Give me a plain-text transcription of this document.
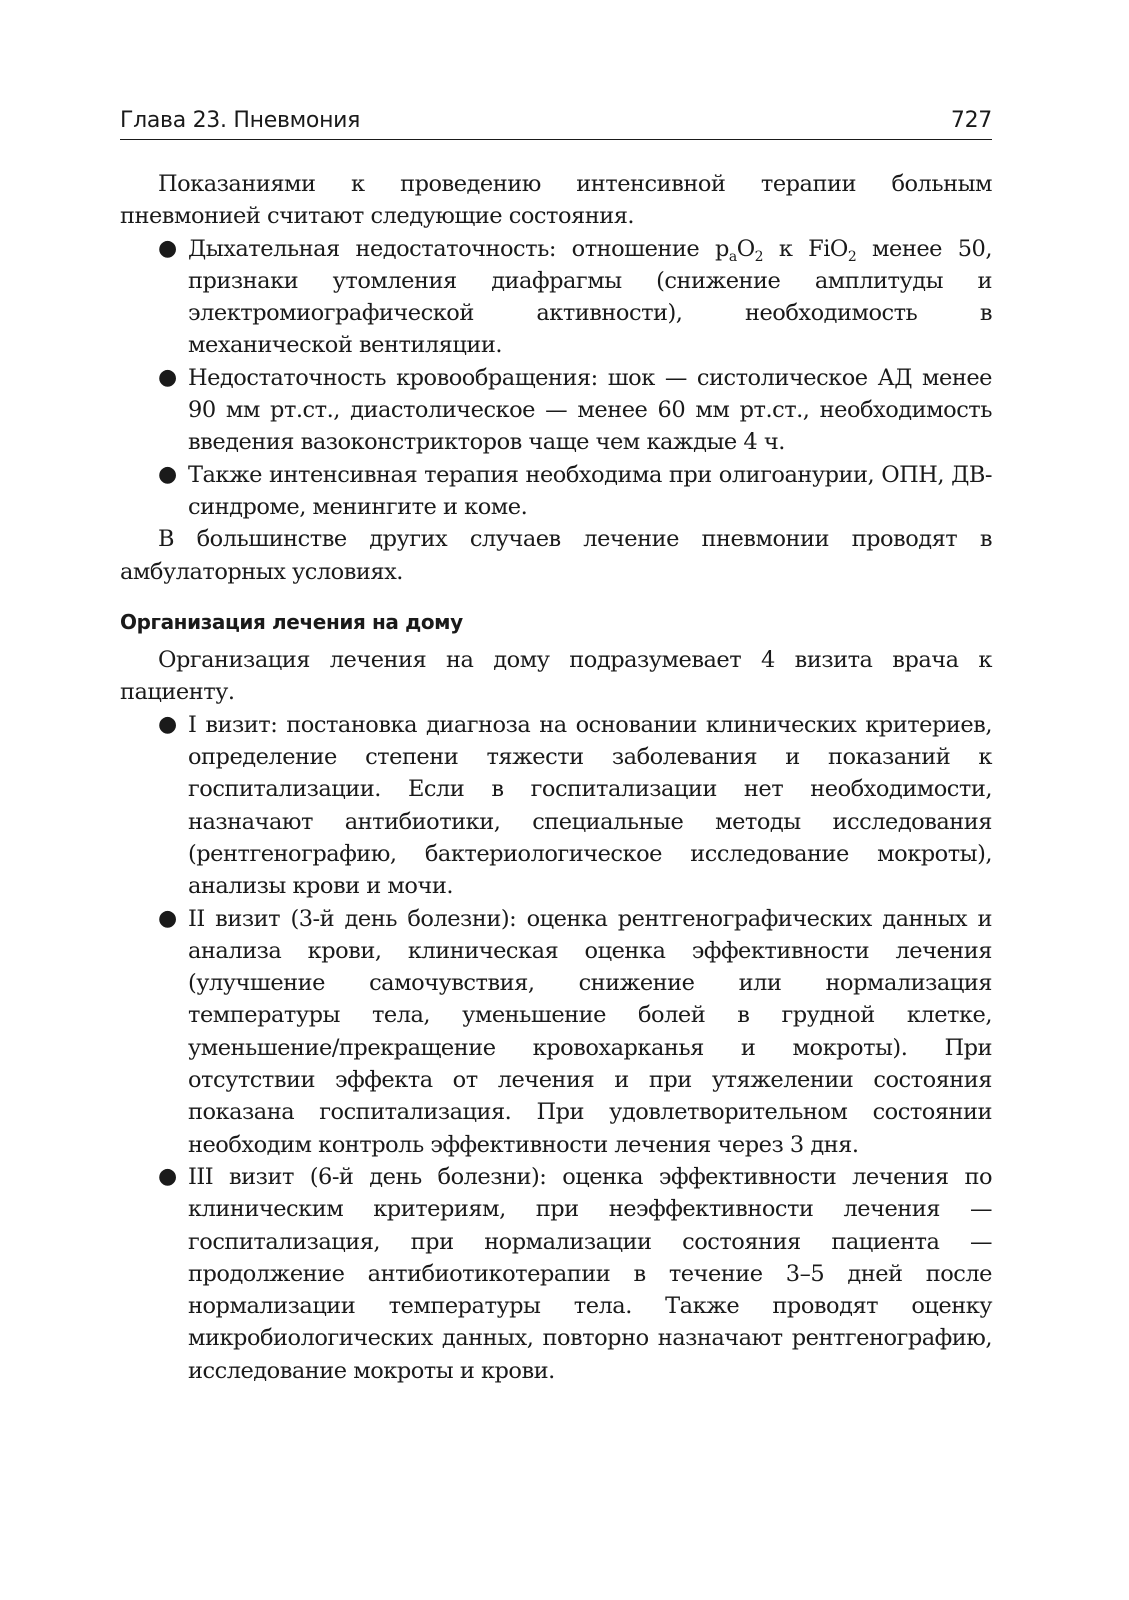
Глава 23. Пневмония	727

Показаниями к проведению интенсивной терапии больным пневмонией считают следующие состояния.

● Дыхательная недостаточность: отношение $p_aO_2$ к FiO$_2$ менее 50, признаки утомления диафрагмы (снижение амплитуды и электромиографической активности), необходимость в механической вентиляции.
● Недостаточность кровообращения: шок — систолическое АД менее 90 мм рт.ст., диастолическое — менее 60 мм рт.ст., необходимость введения вазоконстрикторов чаще чем каждые 4 ч.
● Также интенсивная терапия необходима при олигоанурии, ОПН, ДВ-синдроме, менингите и коме.

В большинстве других случаев лечение пневмонии проводят в амбулаторных условиях.

Организация лечения на дому

Организация лечения на дому подразумевает 4 визита врача к пациенту.

● I визит: постановка диагноза на основании клинических критериев, определение степени тяжести заболевания и показаний к госпитализации. Если в госпитализации нет необходимости, назначают антибиотики, специальные методы исследования (рентгенографию, бактериологическое исследование мокроты), анализы крови и мочи.
● II визит (3-й день болезни): оценка рентгенографических данных и анализа крови, клиническая оценка эффективности лечения (улучшение самочувствия, снижение или нормализация температуры тела, уменьшение болей в грудной клетке, уменьшение/прекращение кровохарканья и мокроты). При отсутствии эффекта от лечения и при утяжелении состояния показана госпитализация. При удовлетворительном состоянии необходим контроль эффективности лечения через 3 дня.
● III визит (6-й день болезни): оценка эффективности лечения по клиническим критериям, при неэффективности лечения — госпитализация, при нормализации состояния пациента — продолжение антибиотикотерапии в течение 3–5 дней после нормализации температуры тела. Также проводят оценку микробиологических данных, повторно назначают рентгенографию, исследование мокроты и крови.
